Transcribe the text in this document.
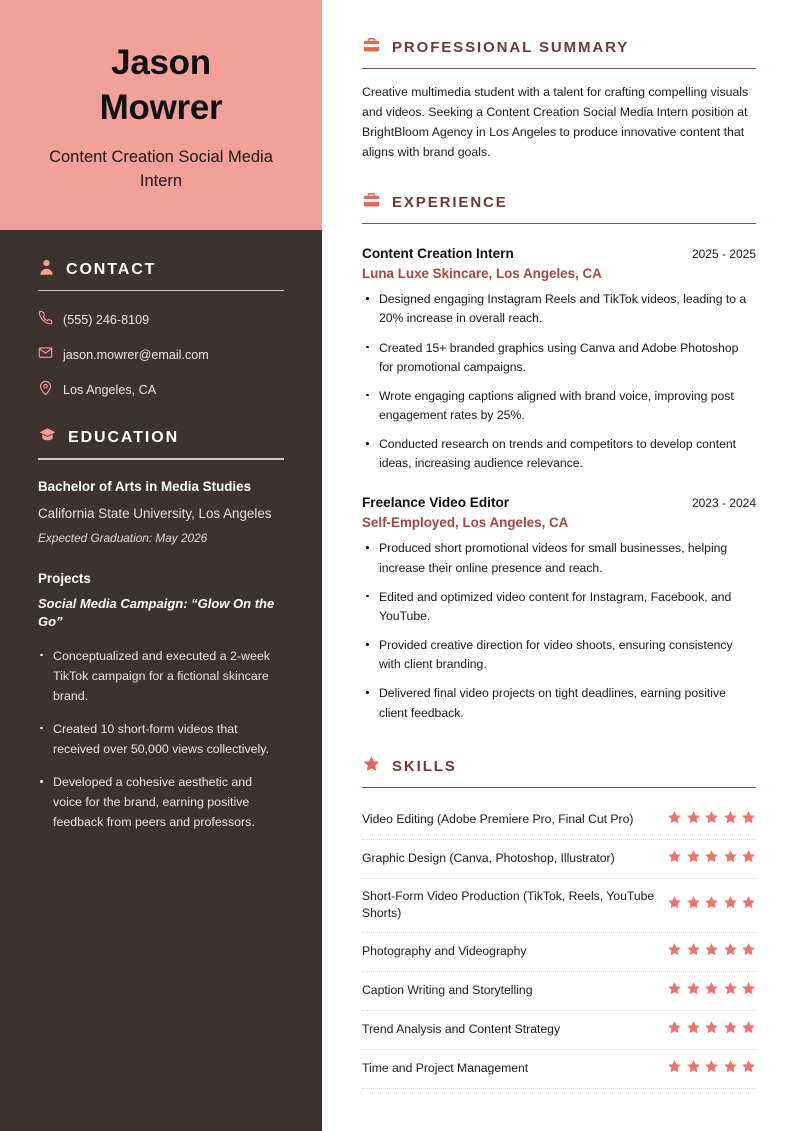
Jason
Mowrer
Content Creation Social Media Intern
CONTACT
(555) 246-8109
jason.mowrer@email.com
Los Angeles, CA
EDUCATION
Bachelor of Arts in Media Studies
California State University, Los Angeles
Expected Graduation: May 2026
Projects
Social Media Campaign: “Glow On the Go”
Conceptualized and executed a 2-week TikTok campaign for a fictional skincare brand.
Created 10 short-form videos that received over 50,000 views collectively.
Developed a cohesive aesthetic and voice for the brand, earning positive feedback from peers and professors.
PROFESSIONAL SUMMARY
Creative multimedia student with a talent for crafting compelling visuals and videos. Seeking a Content Creation Social Media Intern position at BrightBloom Agency in Los Angeles to produce innovative content that aligns with brand goals.
EXPERIENCE
Content Creation Intern	2025 - 2025
Luna Luxe Skincare, Los Angeles, CA
Designed engaging Instagram Reels and TikTok videos, leading to a 20% increase in overall reach.
Created 15+ branded graphics using Canva and Adobe Photoshop for promotional campaigns.
Wrote engaging captions aligned with brand voice, improving post engagement rates by 25%.
Conducted research on trends and competitors to develop content ideas, increasing audience relevance.
Freelance Video Editor	2023 - 2024
Self-Employed, Los Angeles, CA
Produced short promotional videos for small businesses, helping increase their online presence and reach.
Edited and optimized video content for Instagram, Facebook, and YouTube.
Provided creative direction for video shoots, ensuring consistency with client branding.
Delivered final video projects on tight deadlines, earning positive client feedback.
SKILLS
Video Editing (Adobe Premiere Pro, Final Cut Pro)
Graphic Design (Canva, Photoshop, Illustrator)
Short-Form Video Production (TikTok, Reels, YouTube Shorts)
Photography and Videography
Caption Writing and Storytelling
Trend Analysis and Content Strategy
Time and Project Management
